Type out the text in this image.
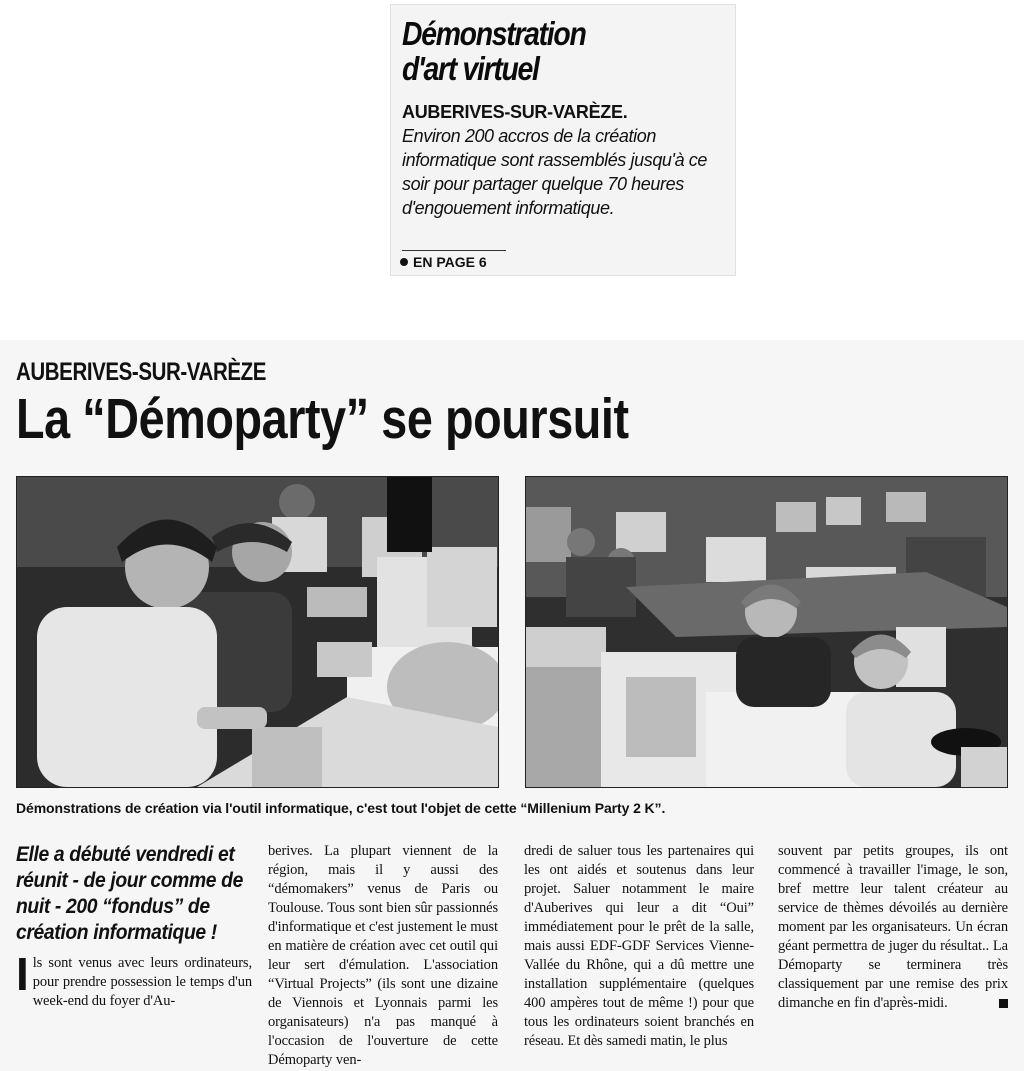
Démonstration
d'art virtuel
AUBERIVES-SUR-VARÈZE.
Environ 200 accros de la création informatique sont rassemblés jusqu'à ce soir pour partager quelque 70 heures d'engouement informatique.
EN PAGE 6
AUBERIVES-SUR-VARÈZE
La “Démoparty” se poursuit
Démonstrations de création via l'outil informatique, c'est tout l'objet de cette “Millenium Party 2 K”.
Elle a débuté vendredi et réunit - de jour comme de nuit - 200 “fondus” de création informatique !

Ils sont venus avec leurs ordinateurs, pour prendre possession le temps d'un week-end du foyer d'Au-

berives. La plupart viennent de la région, mais il y aussi des “démomakers” venus de Paris ou Toulouse. Tous sont bien sûr passionnés d'informatique et c'est justement le must en matière de création avec cet outil qui leur sert d'émulation. L'association “Virtual Projects” (ils sont une dizaine de Viennois et Lyonnais parmi les organisateurs) n'a pas manqué à l'occasion de l'ouverture de cette Démoparty ven-

dredi de saluer tous les partenaires qui les ont aidés et soutenus dans leur projet. Saluer notamment le maire d'Auberives qui leur a dit “Oui” immédiatement pour le prêt de la salle, mais aussi EDF-GDF Services Vienne-Vallée du Rhône, qui a dû mettre une installation supplémentaire (quelques 400 ampères tout de même !) pour que tous les ordinateurs soient branchés en réseau. Et dès samedi matin, le plus

souvent par petits groupes, ils ont commencé à travailler l'image, le son, bref mettre leur talent créateur au service de thèmes dévoilés au dernière moment par les organisateurs. Un écran géant permettra de juger du résultat.. La Démoparty se terminera très classiquement par une remise des prix dimanche en fin d'après-midi.
